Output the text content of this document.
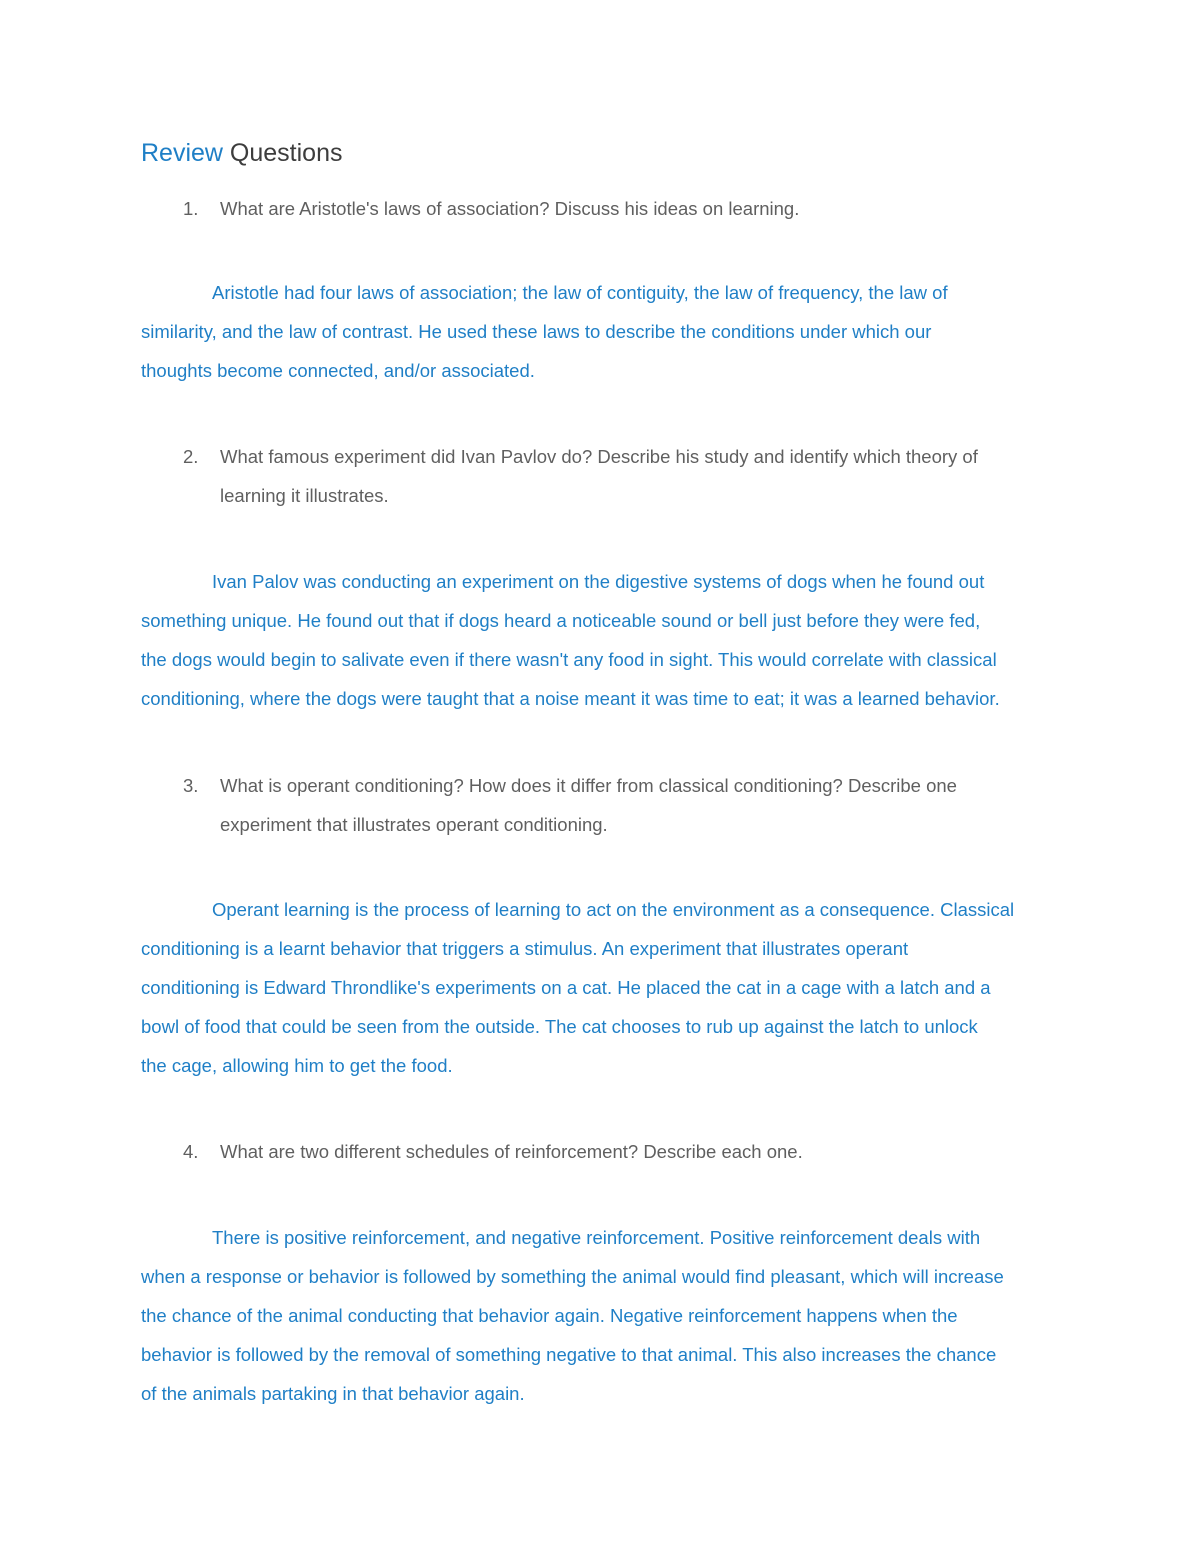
Review Questions
1. What are Aristotle's laws of association? Discuss his ideas on learning.
Aristotle had four laws of association; the law of contiguity, the law of frequency, the law of
similarity, and the law of contrast. He used these laws to describe the conditions under which our
thoughts become connected, and/or associated.
2. What famous experiment did Ivan Pavlov do? Describe his study and identify which theory of
learning it illustrates.
Ivan Palov was conducting an experiment on the digestive systems of dogs when he found out
something unique. He found out that if dogs heard a noticeable sound or bell just before they were fed,
the dogs would begin to salivate even if there wasn't any food in sight. This would correlate with classical
conditioning, where the dogs were taught that a noise meant it was time to eat; it was a learned behavior.
3. What is operant conditioning? How does it differ from classical conditioning? Describe one
experiment that illustrates operant conditioning.
Operant learning is the process of learning to act on the environment as a consequence. Classical
conditioning is a learnt behavior that triggers a stimulus. An experiment that illustrates operant
conditioning is Edward Throndlike's experiments on a cat. He placed the cat in a cage with a latch and a
bowl of food that could be seen from the outside. The cat chooses to rub up against the latch to unlock
the cage, allowing him to get the food.
4. What are two different schedules of reinforcement? Describe each one.
There is positive reinforcement, and negative reinforcement. Positive reinforcement deals with
when a response or behavior is followed by something the animal would find pleasant, which will increase
the chance of the animal conducting that behavior again. Negative reinforcement happens when the
behavior is followed by the removal of something negative to that animal. This also increases the chance
of the animals partaking in that behavior again.
